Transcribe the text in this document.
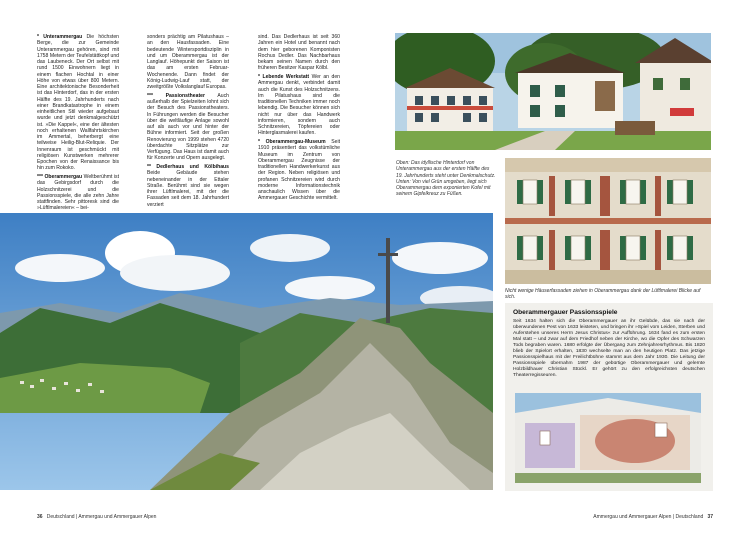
* Unterammergau Die höchsten Berge, die zur Gemeinde Unterammergau gehören, sind mit 1758 Metern der Teufelstättkopf und das Laubeneck. Der Ort selbst mit rund 1500 Einwohnern liegt in einem flachen Hochtal in einer Höhe von etwas über 800 Metern. Eine architektonische Besonderheit ist das Hinterdorf, das in der ersten Hälfte des 19. Jahrhunderts nach einer Brandkatastrophe in einem einheitlichen Stil wieder aufgebaut wurde und jetzt denkmalgeschützt ist. »Die Kappel«, eine der ältesten noch erhaltenen Wallfahrtskirchen im Ammertal, beherbergt eine teilweise Heilig-Blut-Reliquie. Der Innenraum ist geschmückt mit religiösen Kunstwerken mehrerer Epochen von der Renaissance bis hin zum Rokoko.

*** Oberammergau Weltberühmt ist das Gebirgsdorf durch die Holzschnitzerei und die Passionsspiele, die alle zehn Jahre stattfinden. Sehr pittoresk sind die »Lüftlmalereien« – bei-

sonders prächtig am Pilatushaus – an den Hausfassaden. Eine bedeutende Wintersportdisziplin in und um Oberammergau ist der Langlauf. Höhepunkt der Saison ist das am ersten Februar-Wochenende. Dann findet der König-Ludwig-Lauf statt, der zweitgrößte Volkslanglauf Europas.

*** Passionstheater Auch außerhalb der Spielzeiten lohnt sich der Besuch des Passionstheaters. In Führungen werden die Besucher über die weltläufige Anlage sowohl auf als auch vor und hinter der Bühne informiert. Seit der großen Renovierung von 1999 stehen 4720 überdachte Sitzplätze zur Verfügung. Das Haus ist damit auch für Konzerte und Opern ausgelegt.

** Dedlerhaus und Kölbihaus Beide Gebäude stehen nebeneinander in der Ettaler Straße. Berühmt sind sie wegen ihrer Lüftlmalerei, mit der die Fassaden seit dem 18. Jahrhundert verziert

sind. Das Dedlerhaus ist seit 360 Jahren ein Hotel und benannt nach dem hier geborenen Komponisten Rochus Dedler. Das Nachbarhaus bekam seinen Namen durch den früheren Besitzer Kaspar Kölbl.

* Lebende Werkstatt Wer an den Ammergau denkt, verbindet damit auch die Kunst des Holzschnitzens. Im Pilatushaus sind die traditionellen Techniken immer noch lebendig. Die Besucher können sich nicht nur über das Handwerk informieren, sondern auch Schnitzereien, Töpfereien oder Hinterglasmalerei kaufen.

* Oberammergau-Museum Seit 1910 präsentiert das volkstümliche Museum im Zentrum von Oberammergau Zeugnisse der traditionellen Handwerkerkunst aus der Region. Neben religiösen und profanen Schnitzereien wird durch moderne Informationstechnik anschaulich Wissen über die Ammergauer Geschichte vermittelt.

Oben: Das idyllische Hinterdorf von Unterammergau aus der ersten Hälfte des 19. Jahrhunderts steht unter Denkmalschutz. Unten: Von viel Grün umgeben, liegt sich Oberammergau dem exponierten Kofel mit seinem Gipfelkreuz zu Füßen.
Nicht wenige Häuserfassaden ziehen in Oberammergau dank der Lüftlmalerei Blicke auf sich.
Oberammergauer Passionsspiele
Seit 1634 halten sich die Oberammergauer an ihr Gelübde, das sie nach der überwundenen Pest von 1633 leisteten, und bringen ihr »Spiel vom Leiden, Sterben und Auferstehen unseres Herrn Jesus Christus« zur Aufführung. 1634 fand es zum ersten Mal statt – und zwar auf dem Friedhof neben der Kirche, wo die Opfer des Schwarzen Tods begraben waren. 1680 erfolgte der Übergang zum Zehnjahresrhythmus. Bis 1820 blieb der Spielort erhalten, 1830 wechselte man an den heutigen Platz. Das jetzige Passionsspielhaus mit der Freilichtbühne stammt aus dem Jahr 1930. Die Leitung der Passionsspiele übernahm 1987 der gebürtige Oberammergauer und gelernte Holzbildhauer Christian Stückl. Er gehört zu den erfolgreichsten deutschen Theaterregisseuren.
36 Deutschland | Ammergau und Ammergauer Alpen	Ammergau und Ammergauer Alpen | Deutschland 37
